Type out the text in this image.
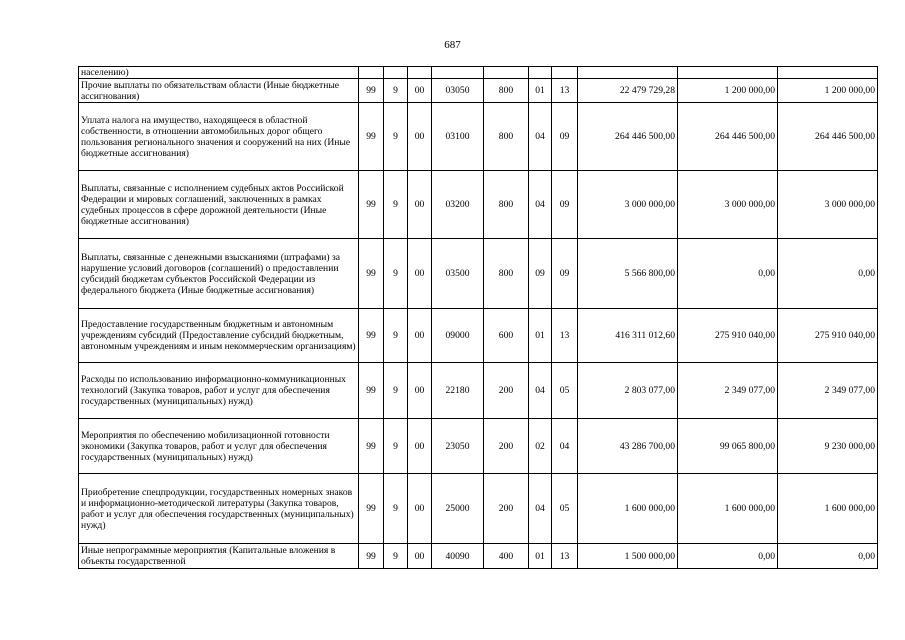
687
населению)										
Прочие выплаты по обязательствам области (Иные бюджетные ассигнования)	99	9	00	03050	800	01	13	22 479 729,28	1 200 000,00	1 200 000,00
Уплата налога на имущество, находящееся в областной собственности, в отношении автомобильных дорог общего пользования регионального значения и сооружений на них (Иные бюджетные ассигнования)	99	9	00	03100	800	04	09	264 446 500,00	264 446 500,00	264 446 500,00
Выплаты, связанные с исполнением судебных актов Российской Федерации и мировых соглашений, заключенных в рамках судебных процессов в сфере дорожной деятельности (Иные бюджетные ассигнования)	99	9	00	03200	800	04	09	3 000 000,00	3 000 000,00	3 000 000,00
Выплаты, связанные с денежными взысканиями (штрафами) за нарушение условий договоров (соглашений) о предоставлении субсидий бюджетам субъектов Российской Федерации из федерального бюджета (Иные бюджетные ассигнования)	99	9	00	03500	800	09	09	5 566 800,00	0,00	0,00
Предоставление государственным бюджетным и автономным учреждениям субсидий (Предоставление субсидий бюджетным, автономным учреждениям и иным некоммерческим организациям)	99	9	00	09000	600	01	13	416 311 012,60	275 910 040,00	275 910 040,00
Расходы по использованию информационно-коммуникационных технологий (Закупка товаров, работ и услуг для обеспечения государственных (муниципальных) нужд)	99	9	00	22180	200	04	05	2 803 077,00	2 349 077,00	2 349 077,00
Мероприятия по обеспечению мобилизационной готовности экономики (Закупка товаров, работ и услуг для обеспечения государственных (муниципальных) нужд)	99	9	00	23050	200	02	04	43 286 700,00	99 065 800,00	9 230 000,00
Приобретение спецпродукции, государственных номерных знаков и информационно-методической литературы (Закупка товаров, работ и услуг для обеспечения государственных (муниципальных) нужд)	99	9	00	25000	200	04	05	1 600 000,00	1 600 000,00	1 600 000,00
Иные непрограммные мероприятия (Капитальные вложения в объекты государственной	99	9	00	40090	400	01	13	1 500 000,00	0,00	0,00
